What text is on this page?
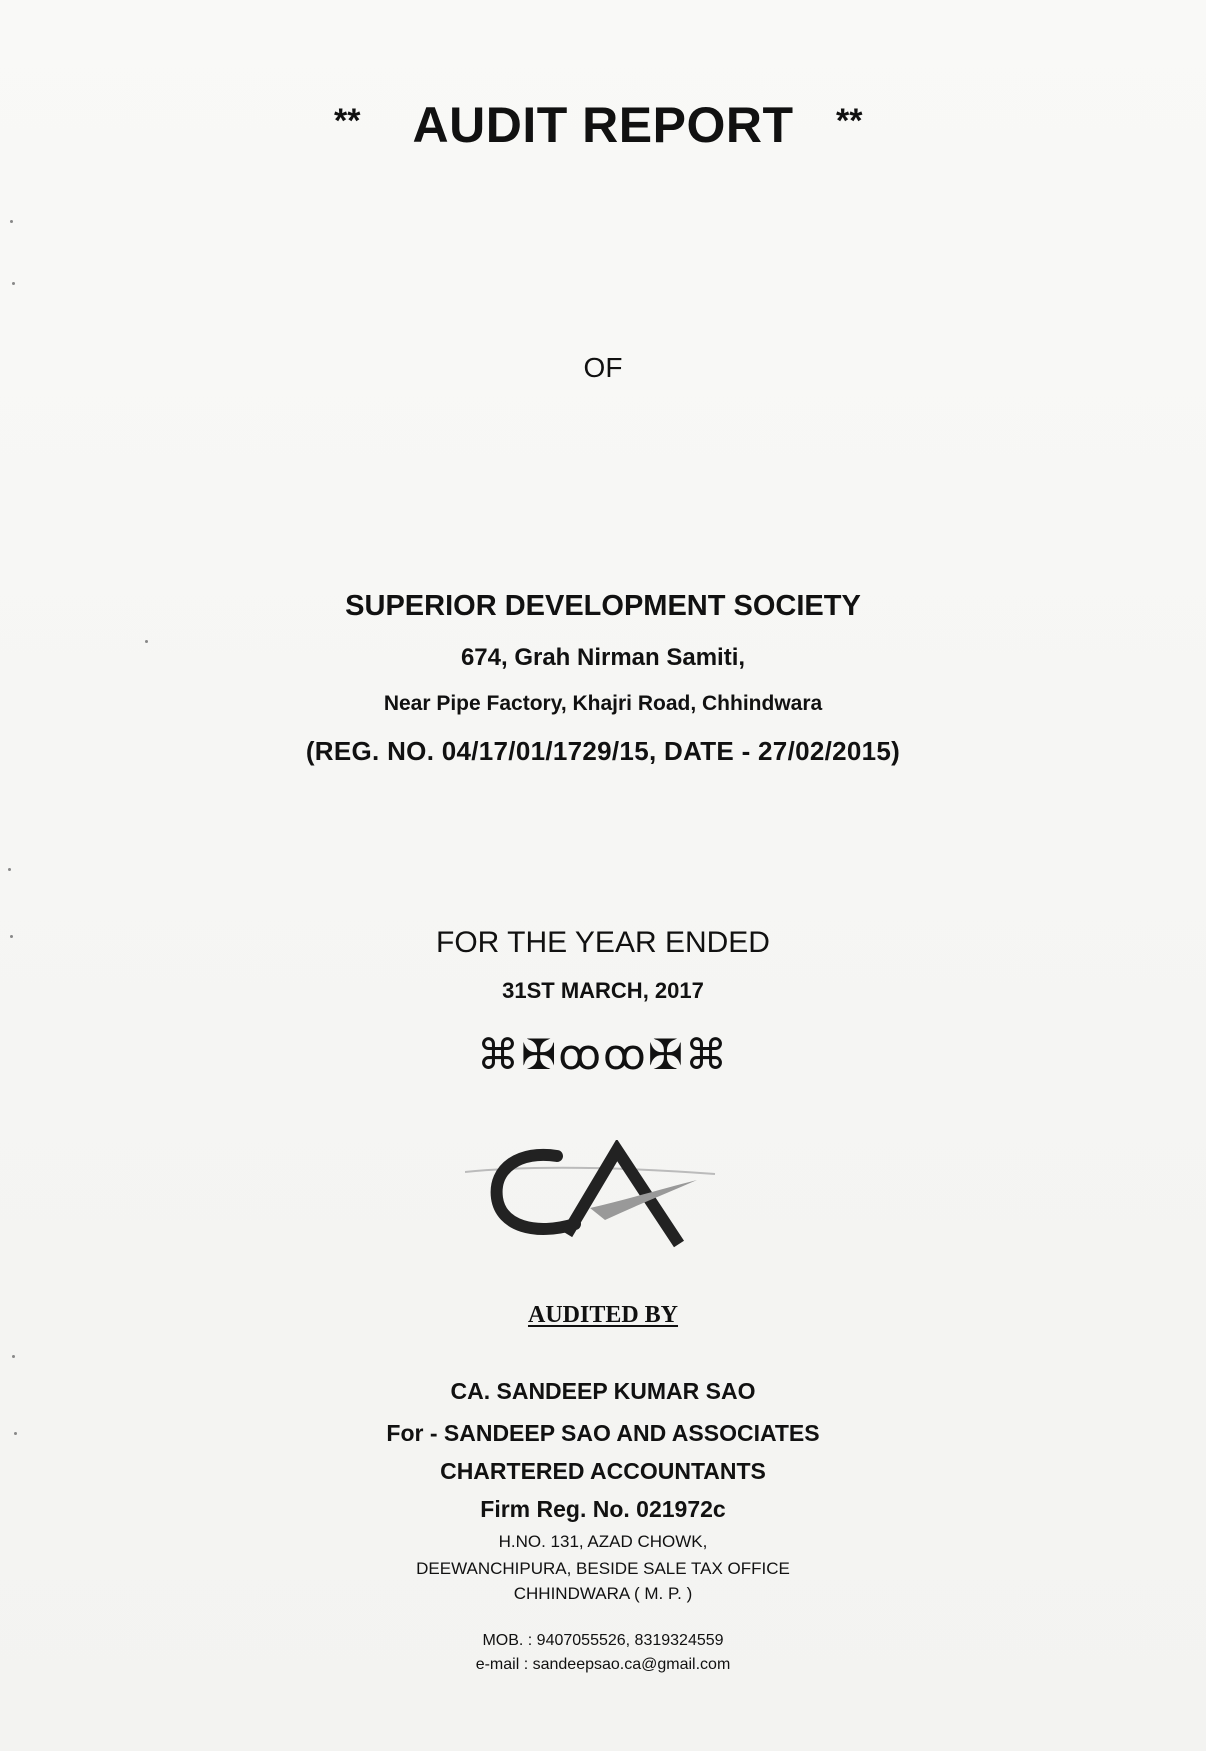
**	AUDIT REPORT	**
OF
SUPERIOR DEVELOPMENT SOCIETY
674, Grah Nirman Samiti,
Near Pipe Factory, Khajri Road, Chhindwara
(REG. NO. 04/17/01/1729/15, DATE - 27/02/2015)
FOR THE YEAR ENDED
31ST MARCH, 2017
⌘✠ꝏꝏ✠⌘
AUDITED BY
CA. SANDEEP KUMAR SAO
For - SANDEEP SAO AND ASSOCIATES
CHARTERED ACCOUNTANTS
Firm Reg. No. 021972c
H.NO. 131, AZAD CHOWK,
DEEWANCHIPURA, BESIDE SALE TAX OFFICE
CHHINDWARA ( M. P. )
MOB. : 9407055526, 8319324559
e-mail : sandeepsao.ca@gmail.com
